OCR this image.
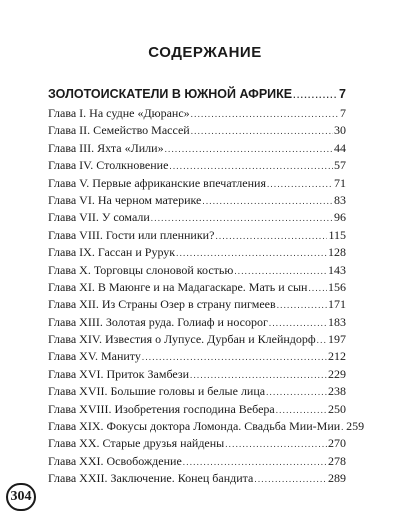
СОДЕРЖАНИЕ
ЗОЛОТОИСКАТЕЛИ В ЮЖНОЙ АФРИКЕ .....	7
Глава I. На судне «Дюранс» .....	7
Глава II. Семейство Массей .....	30
Глава III. Яхта «Лили» .....	44
Глава IV. Столкновение .....	57
Глава V. Первые африканские впечатления .....	71
Глава VI. На черном материке .....	83
Глава VII. У сомали .....	96
Глава VIII. Гости или пленники? .....	115
Глава IX. Гассан и Рурук .....	128
Глава X. Торговцы слоновой костью .....	143
Глава XI. В Маюнге и на Мадагаскаре. Мать и сын ..... 156
Глава XII. Из Страны Озер в страну пигмеев .....	171
Глава XIII. Золотая руда. Голиаф и носорог .....	183
Глава XIV. Известия о Лупусе. Дурбан и Клейндорф ..... 197
Глава XV. Маниту .....	212
Глава XVI. Приток Замбези .....	229
Глава XVII. Большие головы и белые лица .....	238
Глава XVIII. Изобретения господина Вебера .....	250
Глава XIX. Фокусы доктора Ломонда. Свадьба Мии-Мии ..... 259
Глава XX. Старые друзья найдены .....	270
Глава XXI. Освобождение .....	278
Глава XXII. Заключение. Конец бандита .....	289
304
